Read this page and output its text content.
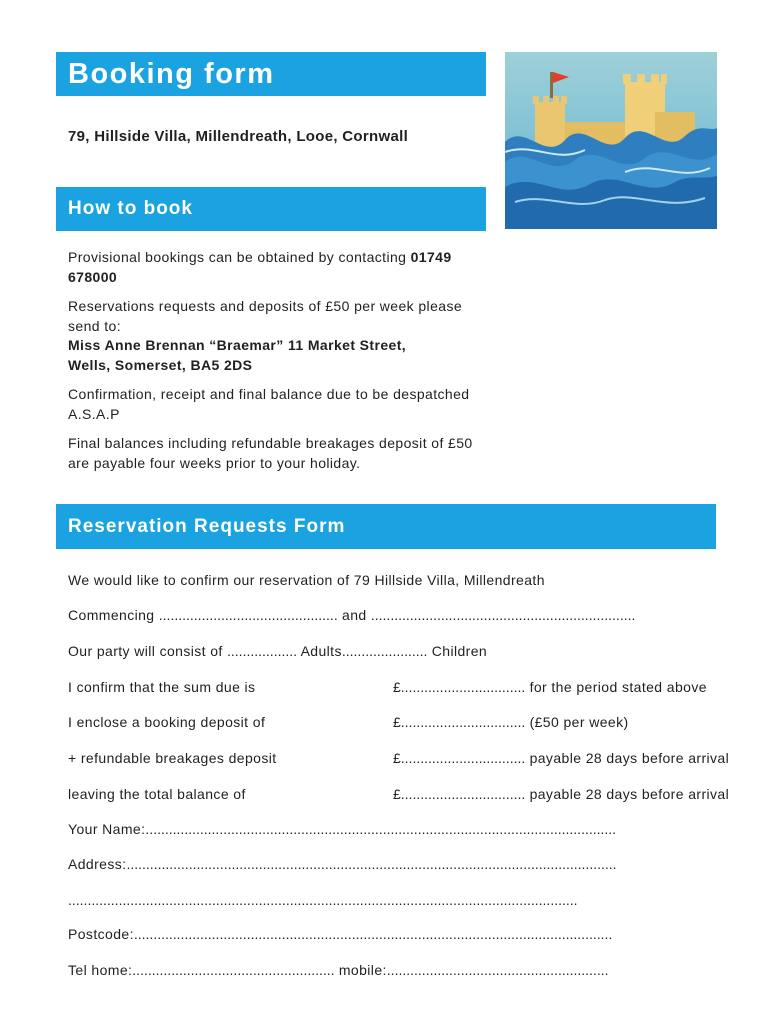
Booking form
79, Hillside Villa, Millendreath, Looe, Cornwall
How to book

Provisional bookings can be obtained by contacting 01749 678000

Reservations requests and deposits of £50 per week please send to:
Miss Anne Brennan “Braemar” 11 Market Street,
Wells, Somerset, BA5 2DS

Confirmation, receipt and final balance due to be despatched A.S.A.P

Final balances including refundable breakages deposit of £50 are payable four weeks prior to your holiday.

Reservation Requests Form
We would like to confirm our reservation of 79 Hillside Villa, Millendreath
Commencing .............................................. and ....................................................................
Our party will consist of .................. Adults...................... Children
I confirm that the sum due is	£................................ for the period stated above
I enclose a booking deposit of	£................................ (£50 per week)
+ refundable breakages deposit	£................................ payable 28 days before arrival
leaving the total balance of	£................................ payable 28 days before arrival
Your Name:.........................................................................................................................
Address:..............................................................................................................................
...................................................................................................................................
Postcode:...........................................................................................................................
Tel home:.................................................... mobile:.........................................................
